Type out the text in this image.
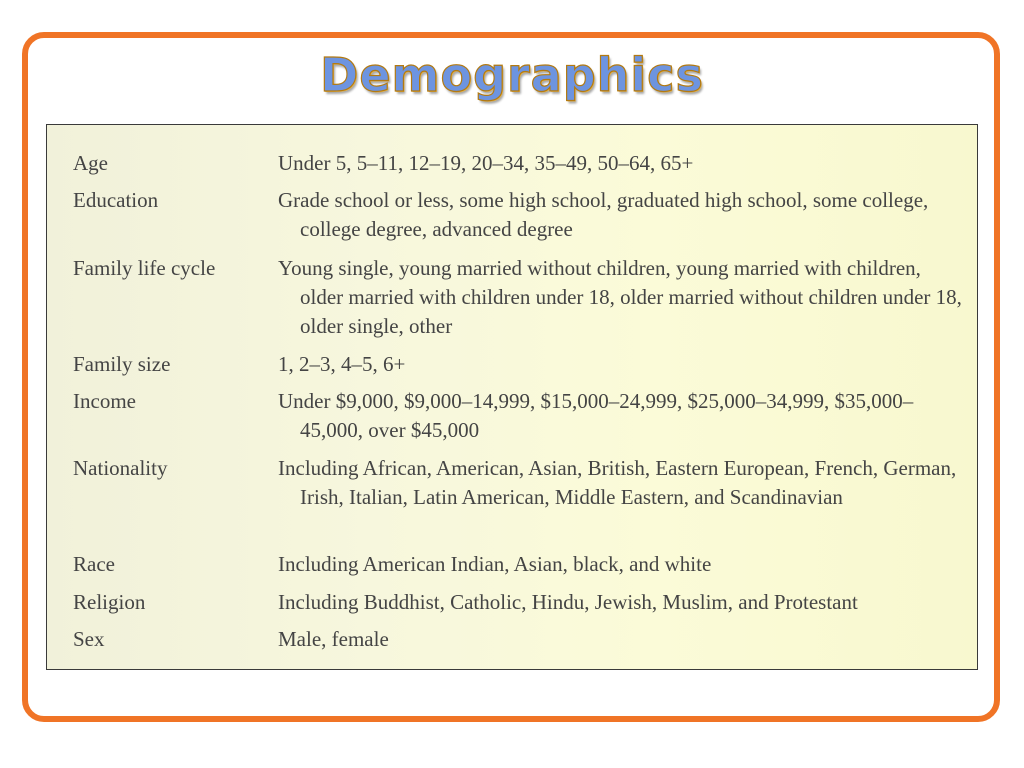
Demographics
Age	Under 5, 5–11, 12–19, 20–34, 35–49, 50–64, 65+
Education	Grade school or less, some high school, graduated high school, some college, college degree, advanced degree
Family life cycle	Young single, young married without children, young married with children, older married with children under 18, older married without children under 18, older single, other
Family size	1, 2–3, 4–5, 6+
Income	Under $9,000, $9,000–14,999, $15,000–24,999, $25,000–34,999, $35,000–45,000, over $45,000
Nationality	Including African, American, Asian, British, Eastern European, French, German, Irish, Italian, Latin American, Middle Eastern, and Scandinavian
Race	Including American Indian, Asian, black, and white
Religion	Including Buddhist, Catholic, Hindu, Jewish, Muslim, and Protestant
Sex	Male, female
